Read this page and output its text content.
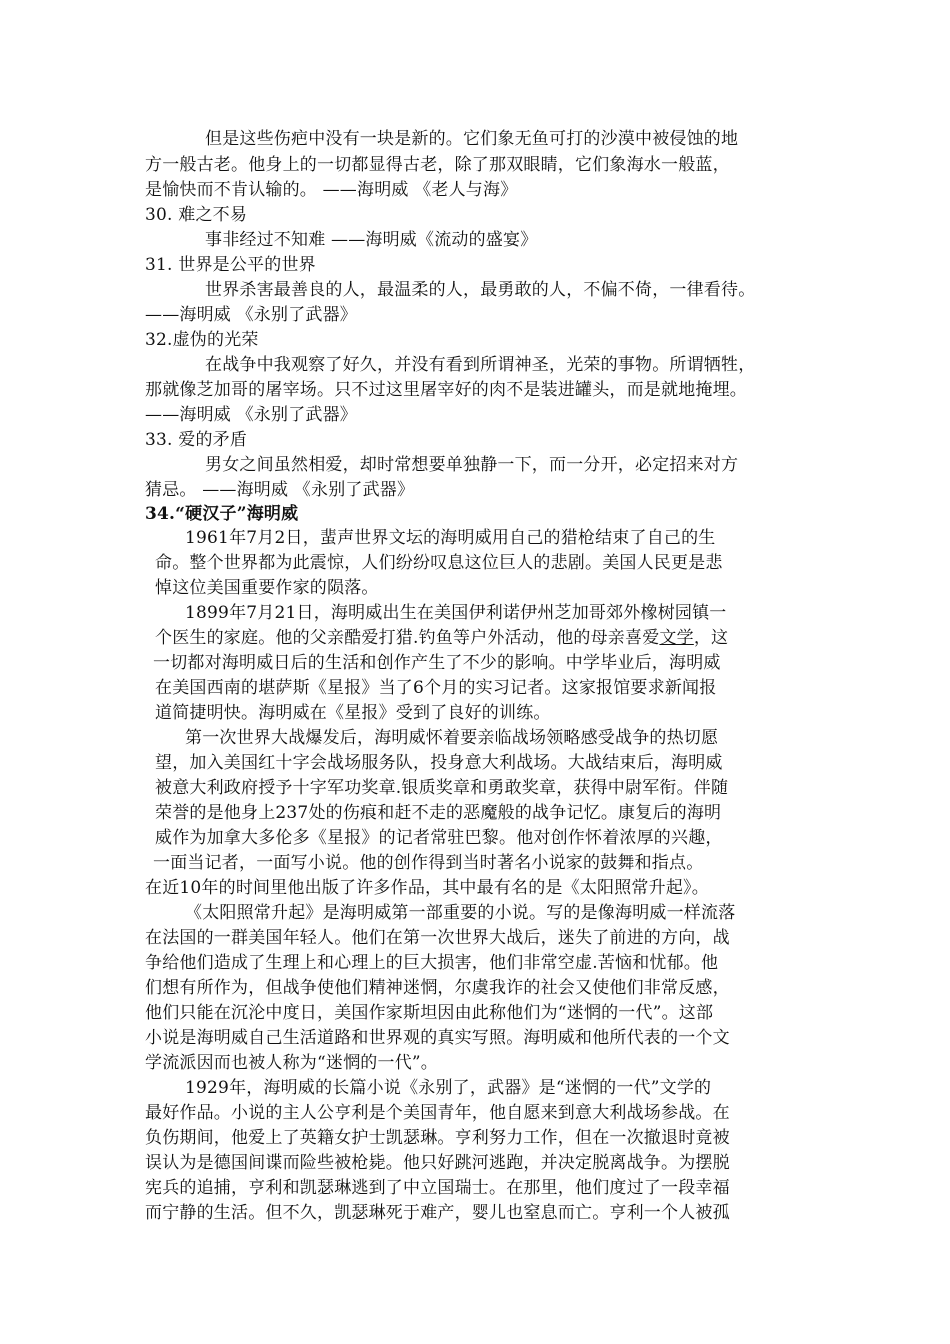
但是这些伤疤中没有一块是新的。它们象无鱼可打的沙漠中被侵蚀的地
方一般古老。他身上的一切都显得古老，除了那双眼睛，它们象海水一般蓝，
是愉快而不肯认输的。 ——海明威 《老人与海》
30. 难之不易
事非经过不知难 ——海明威《流动的盛宴》
31. 世界是公平的世界
世界杀害最善良的人，最温柔的人，最勇敢的人，不偏不倚，一律看待。
——海明威 《永别了武器》
32.虚伪的光荣
在战争中我观察了好久，并没有看到所谓神圣，光荣的事物。所谓牺牲，
那就像芝加哥的屠宰场。只不过这里屠宰好的肉不是装进罐头，而是就地掩埋。
——海明威 《永别了武器》
33. 爱的矛盾
男女之间虽然相爱，却时常想要单独静一下，而一分开，必定招来对方
猜忌。 ——海明威 《永别了武器》
34.“硬汉子”海明威
1961年7月2日，蜚声世界文坛的海明威用自己的猎枪结束了自己的生
命。整个世界都为此震惊，人们纷纷叹息这位巨人的悲剧。美国人民更是悲
悼这位美国重要作家的陨落。
1899年7月21日，海明威出生在美国伊利诺伊州芝加哥郊外橡树园镇一
个医生的家庭。他的父亲酷爱打猎.钓鱼等户外活动，他的母亲喜爱文学，这
一切都对海明威日后的生活和创作产生了不少的影响。中学毕业后，海明威
在美国西南的堪萨斯《星报》当了6个月的实习记者。这家报馆要求新闻报
道简捷明快。海明威在《星报》受到了良好的训练。
第一次世界大战爆发后，海明威怀着要亲临战场领略感受战争的热切愿
望，加入美国红十字会战场服务队，投身意大利战场。大战结束后，海明威
被意大利政府授予十字军功奖章.银质奖章和勇敢奖章，获得中尉军衔。伴随
荣誉的是他身上237处的伤痕和赶不走的恶魔般的战争记忆。康复后的海明
威作为加拿大多伦多《星报》的记者常驻巴黎。他对创作怀着浓厚的兴趣，
一面当记者，一面写小说。他的创作得到当时著名小说家的鼓舞和指点。
在近10年的时间里他出版了许多作品，其中最有名的是《太阳照常升起》。
《太阳照常升起》是海明威第一部重要的小说。写的是像海明威一样流落
在法国的一群美国年轻人。他们在第一次世界大战后，迷失了前进的方向，战
争给他们造成了生理上和心理上的巨大损害，他们非常空虚.苦恼和忧郁。他
们想有所作为，但战争使他们精神迷惘，尔虞我诈的社会又使他们非常反感，
他们只能在沉沦中度日，美国作家斯坦因由此称他们为“迷惘的一代”。这部
小说是海明威自己生活道路和世界观的真实写照。海明威和他所代表的一个文
学流派因而也被人称为“迷惘的一代”。
1929年，海明威的长篇小说《永别了，武器》是“迷惘的一代”文学的
最好作品。小说的主人公亨利是个美国青年，他自愿来到意大利战场参战。在
负伤期间，他爱上了英籍女护士凯瑟琳。亨利努力工作，但在一次撤退时竟被
误认为是德国间谍而险些被枪毙。他只好跳河逃跑，并决定脱离战争。为摆脱
宪兵的追捕，亨利和凯瑟琳逃到了中立国瑞士。在那里，他们度过了一段幸福
而宁静的生活。但不久，凯瑟琳死于难产，婴儿也窒息而亡。亨利一个人被孤
